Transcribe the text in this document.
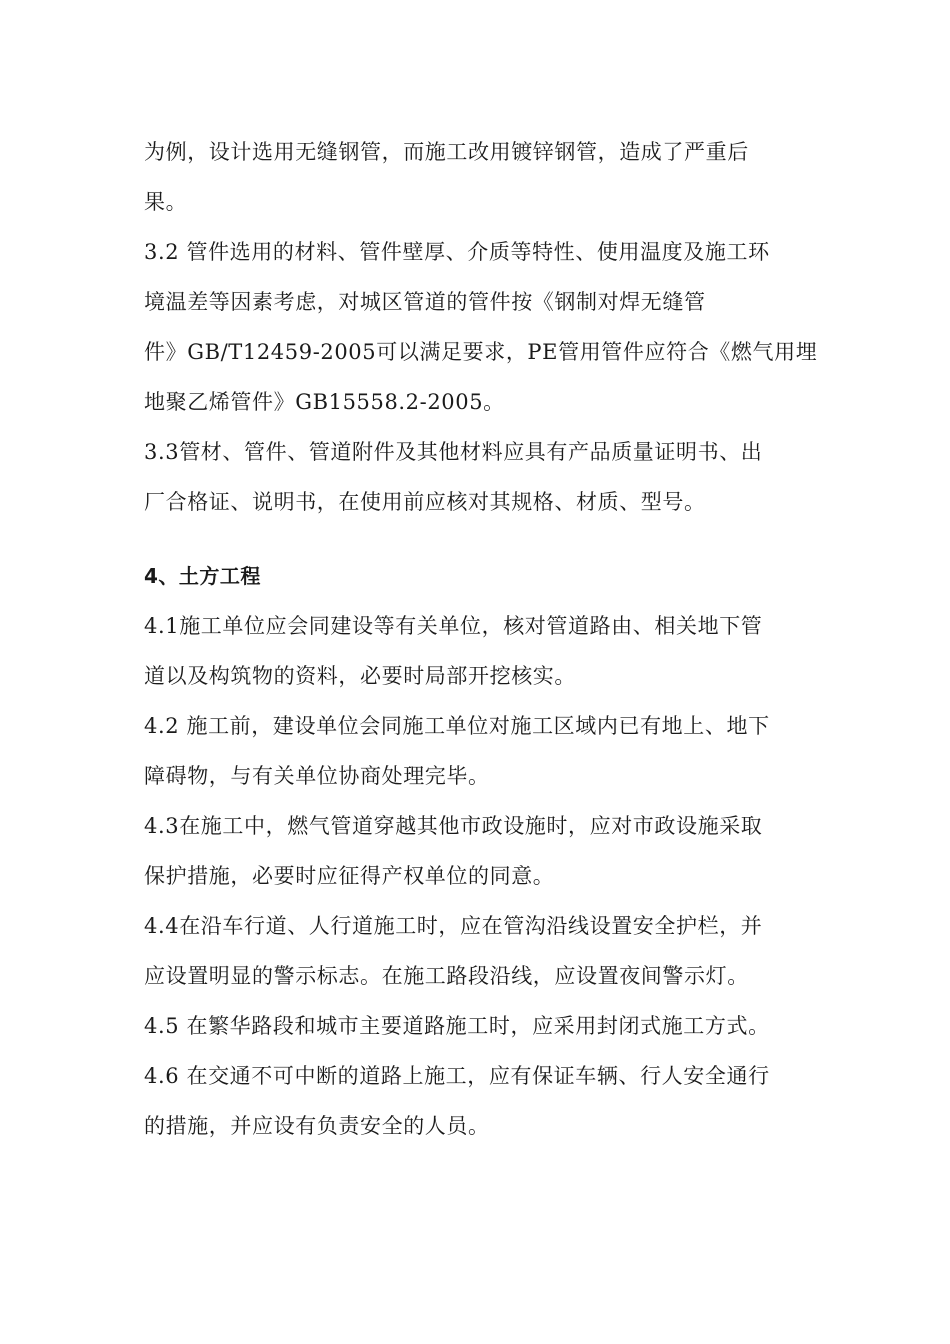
为例，设计选用无缝钢管，而施工改用镀锌钢管，造成了严重后
果。
3.2 管件选用的材料、管件壁厚、介质等特性、使用温度及施工环
境温差等因素考虑，对城区管道的管件按《钢制对焊无缝管
件》GB/T12459-2005可以满足要求，PE管用管件应符合《燃气用埋
地聚乙烯管件》GB15558.2-2005。
3.3管材、管件、管道附件及其他材料应具有产品质量证明书、出
厂合格证、说明书，在使用前应核对其规格、材质、型号。
4、土方工程
4.1施工单位应会同建设等有关单位，核对管道路由、相关地下管
道以及构筑物的资料，必要时局部开挖核实。
4.2 施工前，建设单位会同施工单位对施工区域内已有地上、地下
障碍物，与有关单位协商处理完毕。
4.3在施工中，燃气管道穿越其他市政设施时，应对市政设施采取
保护措施，必要时应征得产权单位的同意。
4.4在沿车行道、人行道施工时，应在管沟沿线设置安全护栏，并
应设置明显的警示标志。在施工路段沿线，应设置夜间警示灯。
4.5 在繁华路段和城市主要道路施工时，应采用封闭式施工方式。
4.6 在交通不可中断的道路上施工，应有保证车辆、行人安全通行
的措施，并应设有负责安全的人员。
